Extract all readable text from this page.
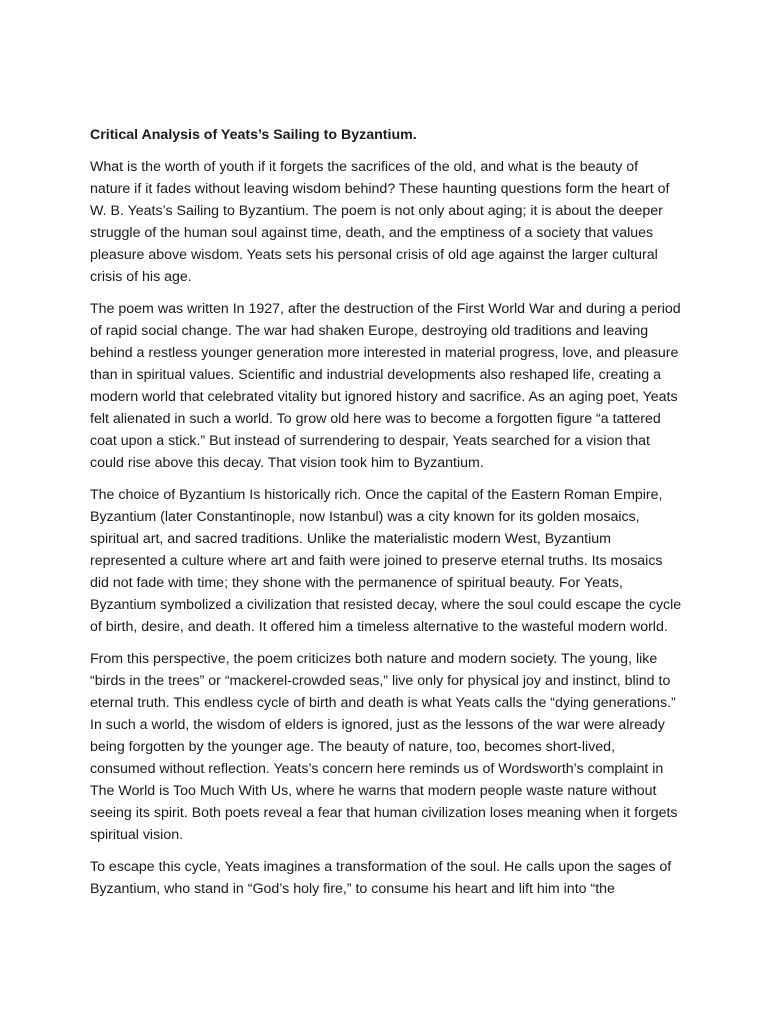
Critical Analysis of Yeats’s Sailing to Byzantium.

What is the worth of youth if it forgets the sacrifices of the old, and what is the beauty of nature if it fades without leaving wisdom behind? These haunting questions form the heart of W. B. Yeats’s Sailing to Byzantium. The poem is not only about aging; it is about the deeper struggle of the human soul against time, death, and the emptiness of a society that values pleasure above wisdom. Yeats sets his personal crisis of old age against the larger cultural crisis of his age.

The poem was written In 1927, after the destruction of the First World War and during a period of rapid social change. The war had shaken Europe, destroying old traditions and leaving behind a restless younger generation more interested in material progress, love, and pleasure than in spiritual values. Scientific and industrial developments also reshaped life, creating a modern world that celebrated vitality but ignored history and sacrifice. As an aging poet, Yeats felt alienated in such a world. To grow old here was to become a forgotten figure “a tattered coat upon a stick.” But instead of surrendering to despair, Yeats searched for a vision that could rise above this decay. That vision took him to Byzantium.

The choice of Byzantium Is historically rich. Once the capital of the Eastern Roman Empire, Byzantium (later Constantinople, now Istanbul) was a city known for its golden mosaics, spiritual art, and sacred traditions. Unlike the materialistic modern West, Byzantium represented a culture where art and faith were joined to preserve eternal truths. Its mosaics did not fade with time; they shone with the permanence of spiritual beauty. For Yeats, Byzantium symbolized a civilization that resisted decay, where the soul could escape the cycle of birth, desire, and death. It offered him a timeless alternative to the wasteful modern world.

From this perspective, the poem criticizes both nature and modern society. The young, like “birds in the trees” or “mackerel-crowded seas,” live only for physical joy and instinct, blind to eternal truth. This endless cycle of birth and death is what Yeats calls the “dying generations.” In such a world, the wisdom of elders is ignored, just as the lessons of the war were already being forgotten by the younger age. The beauty of nature, too, becomes short-lived, consumed without reflection. Yeats’s concern here reminds us of Wordsworth’s complaint in The World is Too Much With Us, where he warns that modern people waste nature without seeing its spirit. Both poets reveal a fear that human civilization loses meaning when it forgets spiritual vision.

To escape this cycle, Yeats imagines a transformation of the soul. He calls upon the sages of Byzantium, who stand in “God’s holy fire,” to consume his heart and lift him into “the
